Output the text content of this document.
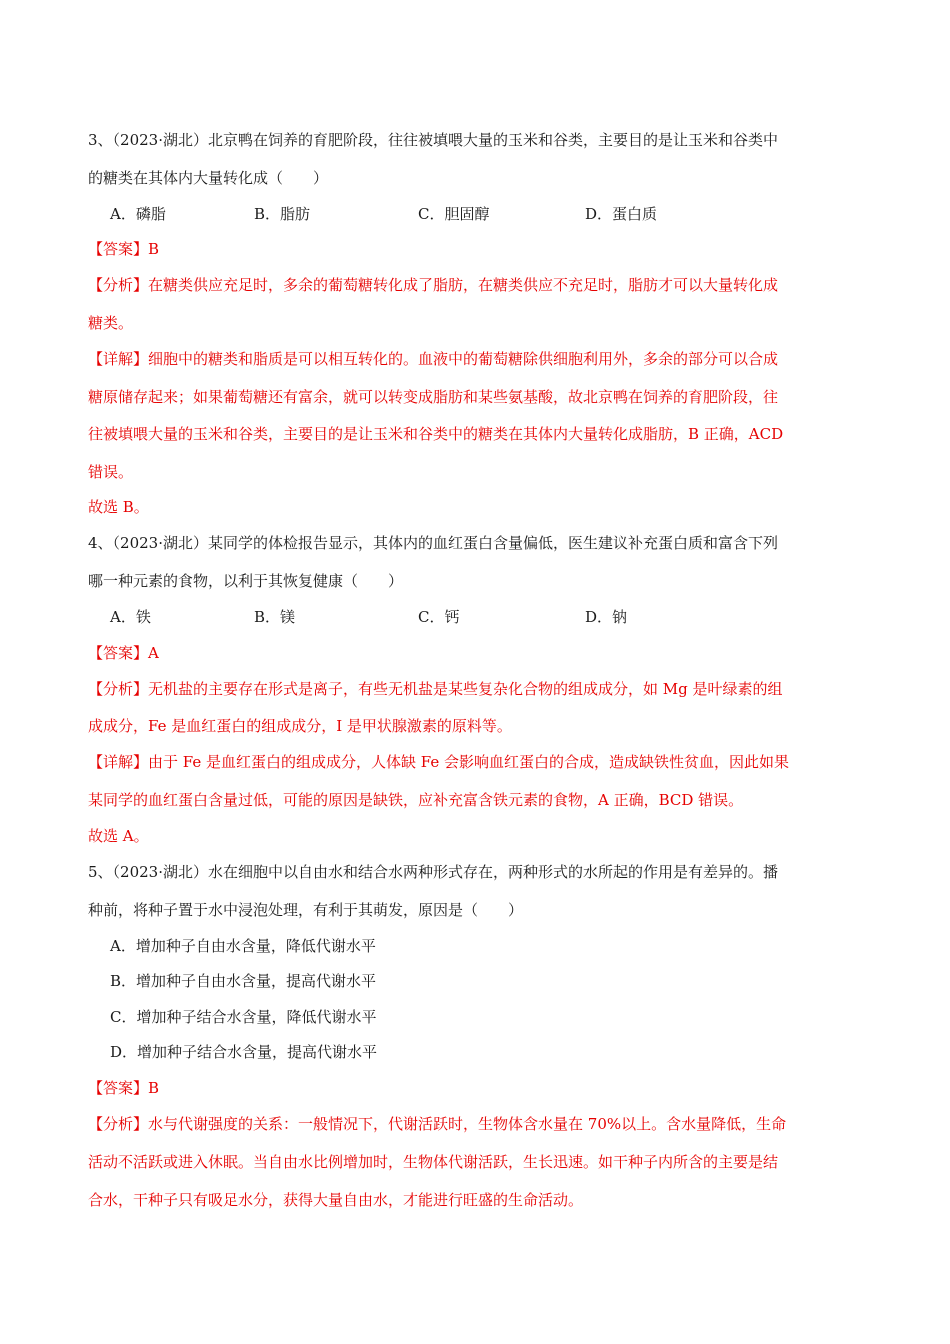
3、（2023·湖北）北京鸭在饲养的育肥阶段，往往被填喂大量的玉米和谷类，主要目的是让玉米和谷类中
的糖类在其体内大量转化成（　　）
A．磷脂	B．脂肪	C．胆固醇	D．蛋白质
【答案】B
【分析】在糖类供应充足时，多余的葡萄糖转化成了脂肪，在糖类供应不充足时，脂肪才可以大量转化成
糖类。
【详解】细胞中的糖类和脂质是可以相互转化的。血液中的葡萄糖除供细胞利用外，多余的部分可以合成
糖原储存起来；如果葡萄糖还有富余，就可以转变成脂肪和某些氨基酸，故北京鸭在饲养的育肥阶段，往
往被填喂大量的玉米和谷类，主要目的是让玉米和谷类中的糖类在其体内大量转化成脂肪，B 正确，ACD
错误。
故选 B。
4、（2023·湖北）某同学的体检报告显示，其体内的血红蛋白含量偏低，医生建议补充蛋白质和富含下列
哪一种元素的食物，以利于其恢复健康（　　）
A．铁	B．镁	C．钙	D．钠
【答案】A
【分析】无机盐的主要存在形式是离子，有些无机盐是某些复杂化合物的组成成分，如 Mg 是叶绿素的组
成成分，Fe 是血红蛋白的组成成分，I 是甲状腺激素的原料等。
【详解】由于 Fe 是血红蛋白的组成成分，人体缺 Fe 会影响血红蛋白的合成，造成缺铁性贫血，因此如果
某同学的血红蛋白含量过低，可能的原因是缺铁，应补充富含铁元素的食物，A 正确，BCD 错误。
故选 A。
5、（2023·湖北）水在细胞中以自由水和结合水两种形式存在，两种形式的水所起的作用是有差异的。播
种前，将种子置于水中浸泡处理，有利于其萌发，原因是（　　）
A．增加种子自由水含量，降低代谢水平
B．增加种子自由水含量，提高代谢水平
C．增加种子结合水含量，降低代谢水平
D．增加种子结合水含量，提高代谢水平
【答案】B
【分析】水与代谢强度的关系：一般情况下，代谢活跃时，生物体含水量在 70%以上。含水量降低，生命
活动不活跃或进入休眠。当自由水比例增加时，生物体代谢活跃，生长迅速。如干种子内所含的主要是结
合水，干种子只有吸足水分，获得大量自由水，才能进行旺盛的生命活动。
